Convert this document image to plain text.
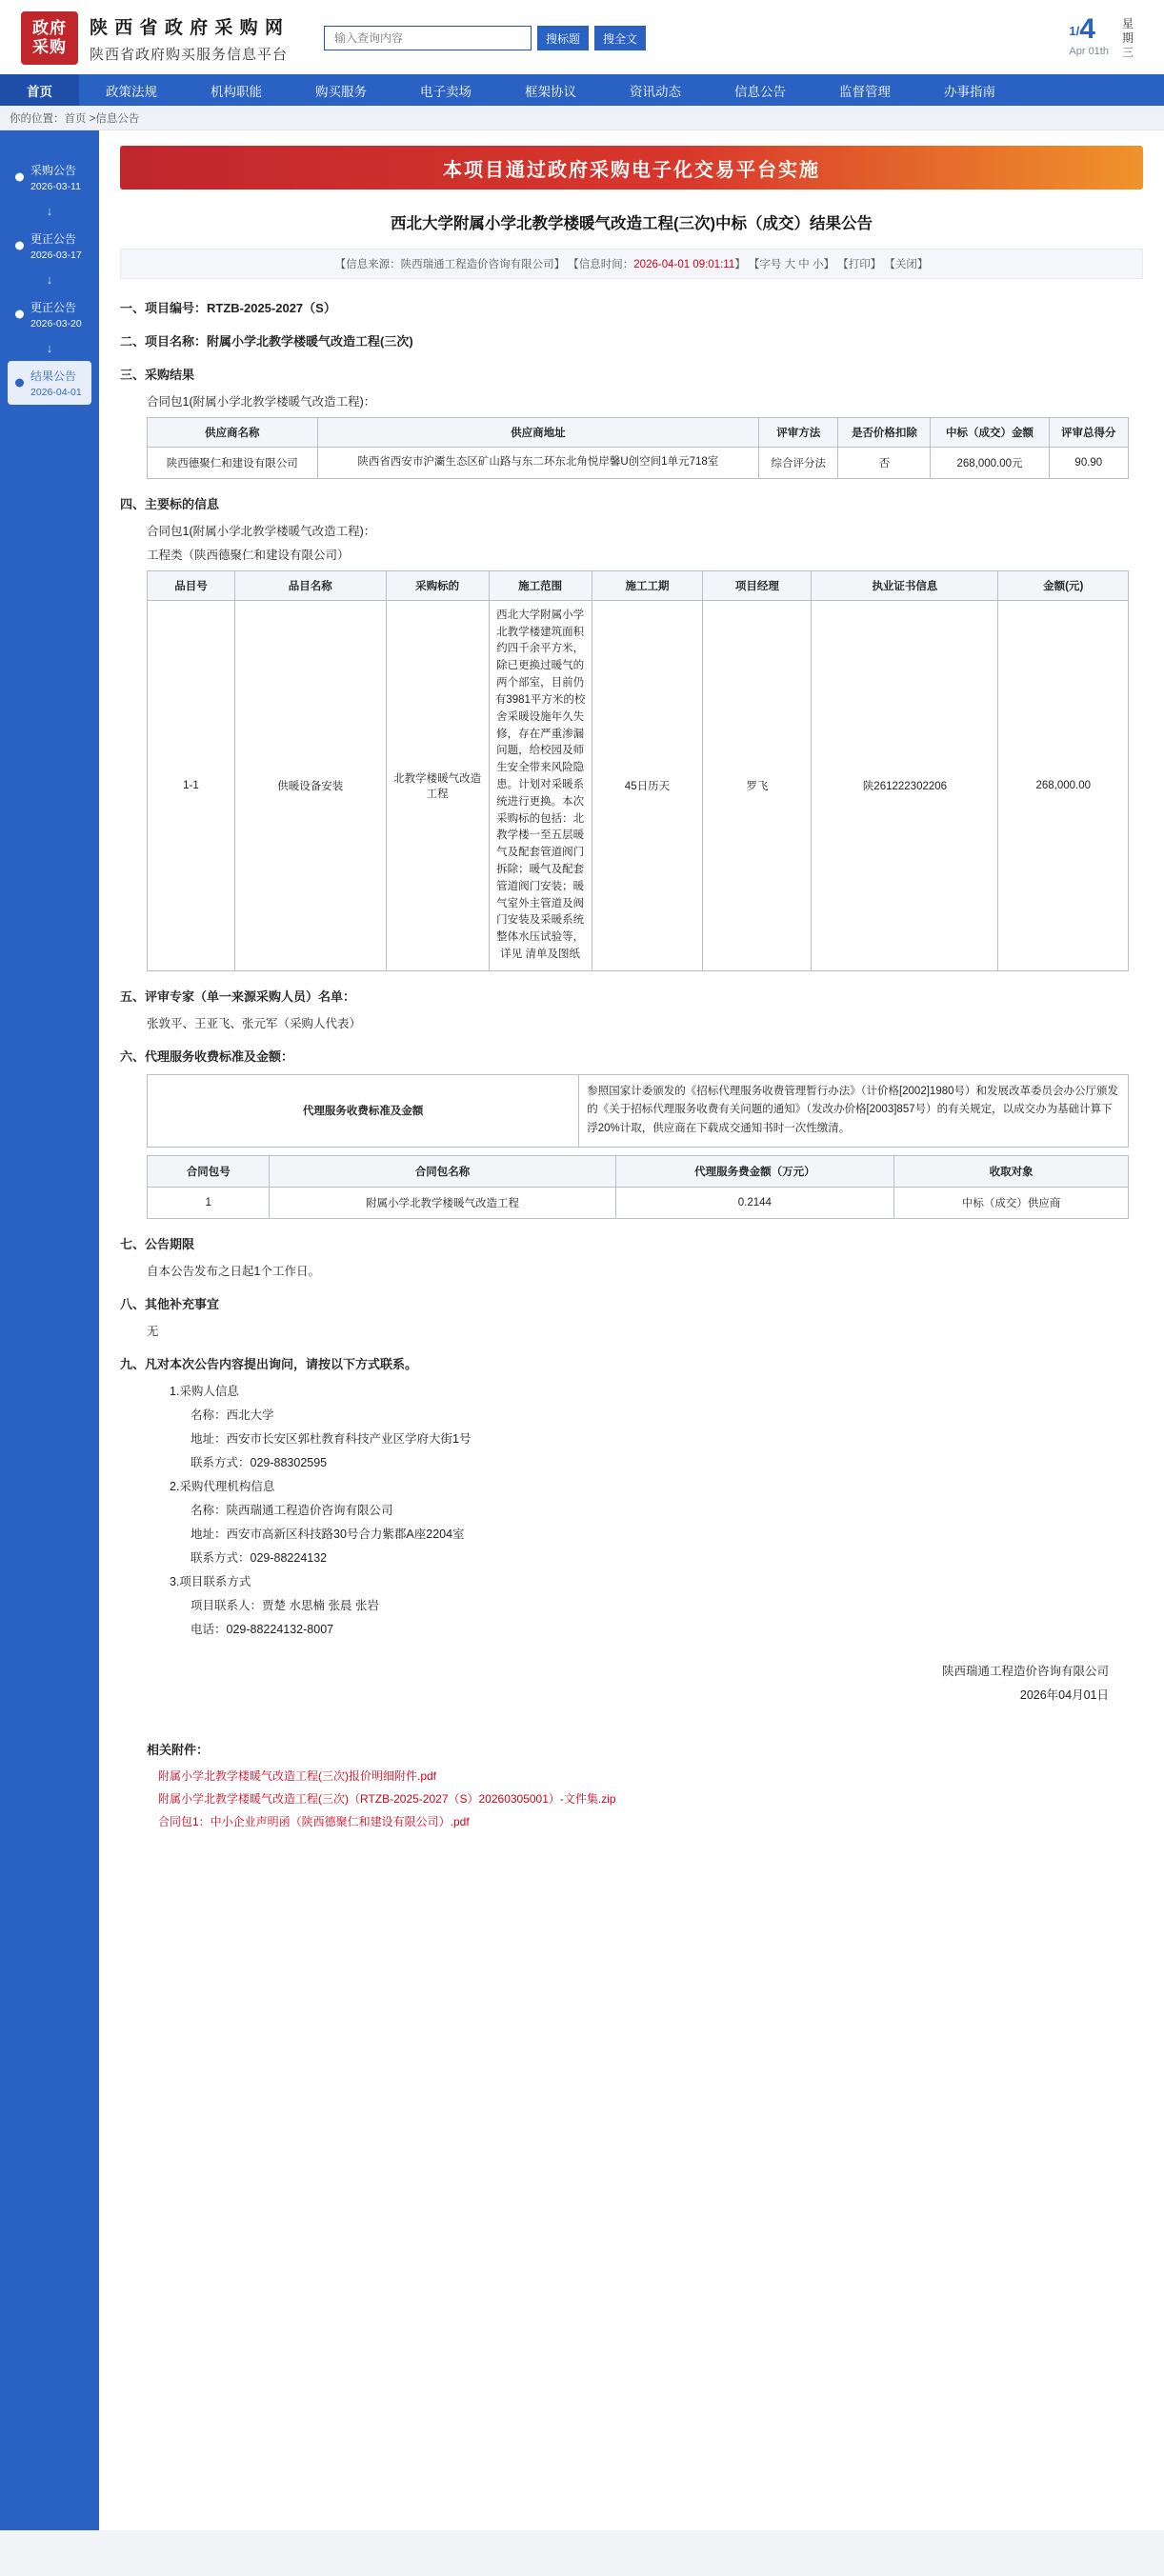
政府
采购
陕 西 省 政 府 采 购 网
陕西省政府购买服务信息平台
输入查询内容
搜标题	搜全文
1/4
Apr 01th
星
期
三
首页	政策法规	机构职能	购买服务	电子卖场	框架协议	资讯动态	信息公告	监督管理	办事指南
你的位置：首页 >信息公告
采购公告
2026-03-11
↓
更正公告
2026-03-17
↓
更正公告
2026-03-20
↓
结果公告
2026-04-01
本项目通过政府采购电子化交易平台实施
西北大学附属小学北教学楼暖气改造工程(三次)中标（成交）结果公告
【信息来源：陕西瑞通工程造价咨询有限公司】 【信息时间：2026-04-01 09:01:11】 【字号 大 中 小】 【打印】 【关闭】
一、项目编号：RTZB-2025-2027（S）
二、项目名称：附属小学北教学楼暖气改造工程(三次)
三、采购结果
合同包1(附属小学北教学楼暖气改造工程)：
供应商名称	供应商地址	评审方法	是否价格扣除	中标（成交）金额	评审总得分
陕西德聚仁和建设有限公司	陕西省西安市沪灞生态区矿山路与东二环东北角悦岸馨U创空间1单元718室	综合评分法	否	268,000.00元	90.90
四、主要标的信息
合同包1(附属小学北教学楼暖气改造工程)：
工程类（陕西德聚仁和建设有限公司）
品目号	品目名称	采购标的	施工范围	施工工期	项目经理	执业证书信息	金额(元)
1-1	供暖设备安装	北教学楼暖气改造工程	西北大学附属小学北教学楼建筑面积约四千余平方米，除已更换过暖气的两个部室，目前仍有3981平方米的校舍采暖设施年久失修，存在严重渗漏问题，给校园及师生安全带来风险隐患。计划对采暖系统进行更换。本次采购标的包括：北教学楼一至五层暖气及配套管道阀门拆除；暖气及配套管道阀门安装；暖气室外主管道及阀门安装及采暖系统整体水压试验等，详见 清单及图纸	45日历天	罗飞	陕261222302206	268,000.00
五、评审专家（单一来源采购人员）名单：
张敦平、王亚飞、张元军（采购人代表）
六、代理服务收费标准及金额：
代理服务收费标准及金额	参照国家计委颁发的《招标代理服务收费管理暂行办法》（计价格[2002]1980号）和发展改革委员会办公厅颁发的《关于招标代理服务收费有关问题的通知》（发改办价格[2003]857号）的有关规定，以成交办为基础计算下浮20%计取，供应商在下载成交通知书时一次性缴清。
合同包号	合同包名称	代理服务费金额（万元）	收取对象
1	附属小学北教学楼暖气改造工程	0.2144	中标（成交）供应商
七、公告期限
自本公告发布之日起1个工作日。
八、其他补充事宜
无
九、凡对本次公告内容提出询问，请按以下方式联系。
1.采购人信息
名称：西北大学
地址：西安市长安区郭杜教育科技产业区学府大街1号
联系方式：029-88302595
2.采购代理机构信息
名称：陕西瑞通工程造价咨询有限公司
地址：西安市高新区科技路30号合力紫郡A座2204室
联系方式：029-88224132
3.项目联系方式
项目联系人：贾楚 水思楠 张晨 张岩
电话：029-88224132-8007
陕西瑞通工程造价咨询有限公司
2026年04月01日
相关附件：
附属小学北教学楼暖气改造工程(三次)报价明细附件.pdf
附属小学北教学楼暖气改造工程(三次)（RTZB-2025-2027（S）20260305001）-文件集.zip
合同包1：中小企业声明函（陕西德聚仁和建设有限公司）.pdf
